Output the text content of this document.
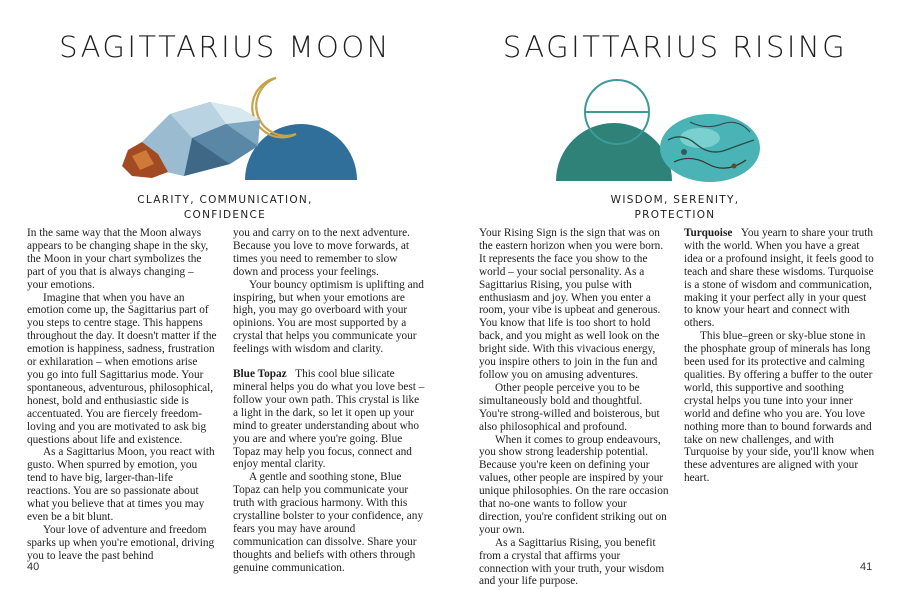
SAGITTARIUS MOON
CLARITY, COMMUNICATION,
CONFIDENCE

In the same way that the Moon always appears to be changing shape in the sky, the Moon in your chart symbolizes the part of you that is always changing – your emotions.

Imagine that when you have an emotion come up, the Sagittarius part of you steps to centre stage. This happens throughout the day. It doesn't matter if the emotion is happiness, sadness, frustration or exhilaration – when emotions arise you go into full Sagittarius mode. Your spontaneous, adventurous, philosophical, honest, bold and enthusiastic side is accentuated. You are fiercely freedom-loving and you are motivated to ask big questions about life and existence.

As a Sagittarius Moon, you react with gusto. When spurred by emotion, you tend to have big, larger-than-life reactions. You are so passionate about what you believe that at times you may even be a bit blunt.

Your love of adventure and freedom sparks up when you're emotional, driving you to leave the past behind

you and carry on to the next adventure. Because you love to move forwards, at times you need to remember to slow down and process your feelings.

Your bouncy optimism is uplifting and inspiring, but when your emotions are high, you may go overboard with your opinions. You are most supported by a crystal that helps you communicate your feelings with wisdom and clarity.

Blue Topaz This cool blue silicate mineral helps you do what you love best – follow your own path. This crystal is like a light in the dark, so let it open up your mind to greater understanding about who you are and where you're going. Blue Topaz may help you focus, connect and enjoy mental clarity.

A gentle and soothing stone, Blue Topaz can help you communicate your truth with gracious harmony. With this crystalline bolster to your confidence, any fears you may have around communication can dissolve. Share your thoughts and beliefs with others through genuine communication.

40
SAGITTARIUS RISING
WISDOM, SERENITY,
PROTECTION

Your Rising Sign is the sign that was on the eastern horizon when you were born. It represents the face you show to the world – your social personality. As a Sagittarius Rising, you pulse with enthusiasm and joy. When you enter a room, your vibe is upbeat and generous. You know that life is too short to hold back, and you might as well look on the bright side. With this vivacious energy, you inspire others to join in the fun and follow you on amusing adventures.

Other people perceive you to be simultaneously bold and thoughtful. You're strong-willed and boisterous, but also philosophical and profound.

When it comes to group endeavours, you show strong leadership potential. Because you're keen on defining your values, other people are inspired by your unique philosophies. On the rare occasion that no-one wants to follow your direction, you're confident striking out on your own.

As a Sagittarius Rising, you benefit from a crystal that affirms your connection with your truth, your wisdom and your life purpose.

Turquoise You yearn to share your truth with the world. When you have a great idea or a profound insight, it feels good to teach and share these wisdoms. Turquoise is a stone of wisdom and communication, making it your perfect ally in your quest to know your heart and connect with others.

This blue–green or sky-blue stone in the phosphate group of minerals has long been used for its protective and calming qualities. By offering a buffer to the outer world, this supportive and soothing crystal helps you tune into your inner world and define who you are. You love nothing more than to bound forwards and take on new challenges, and with Turquoise by your side, you'll know when these adventures are aligned with your heart.

41
